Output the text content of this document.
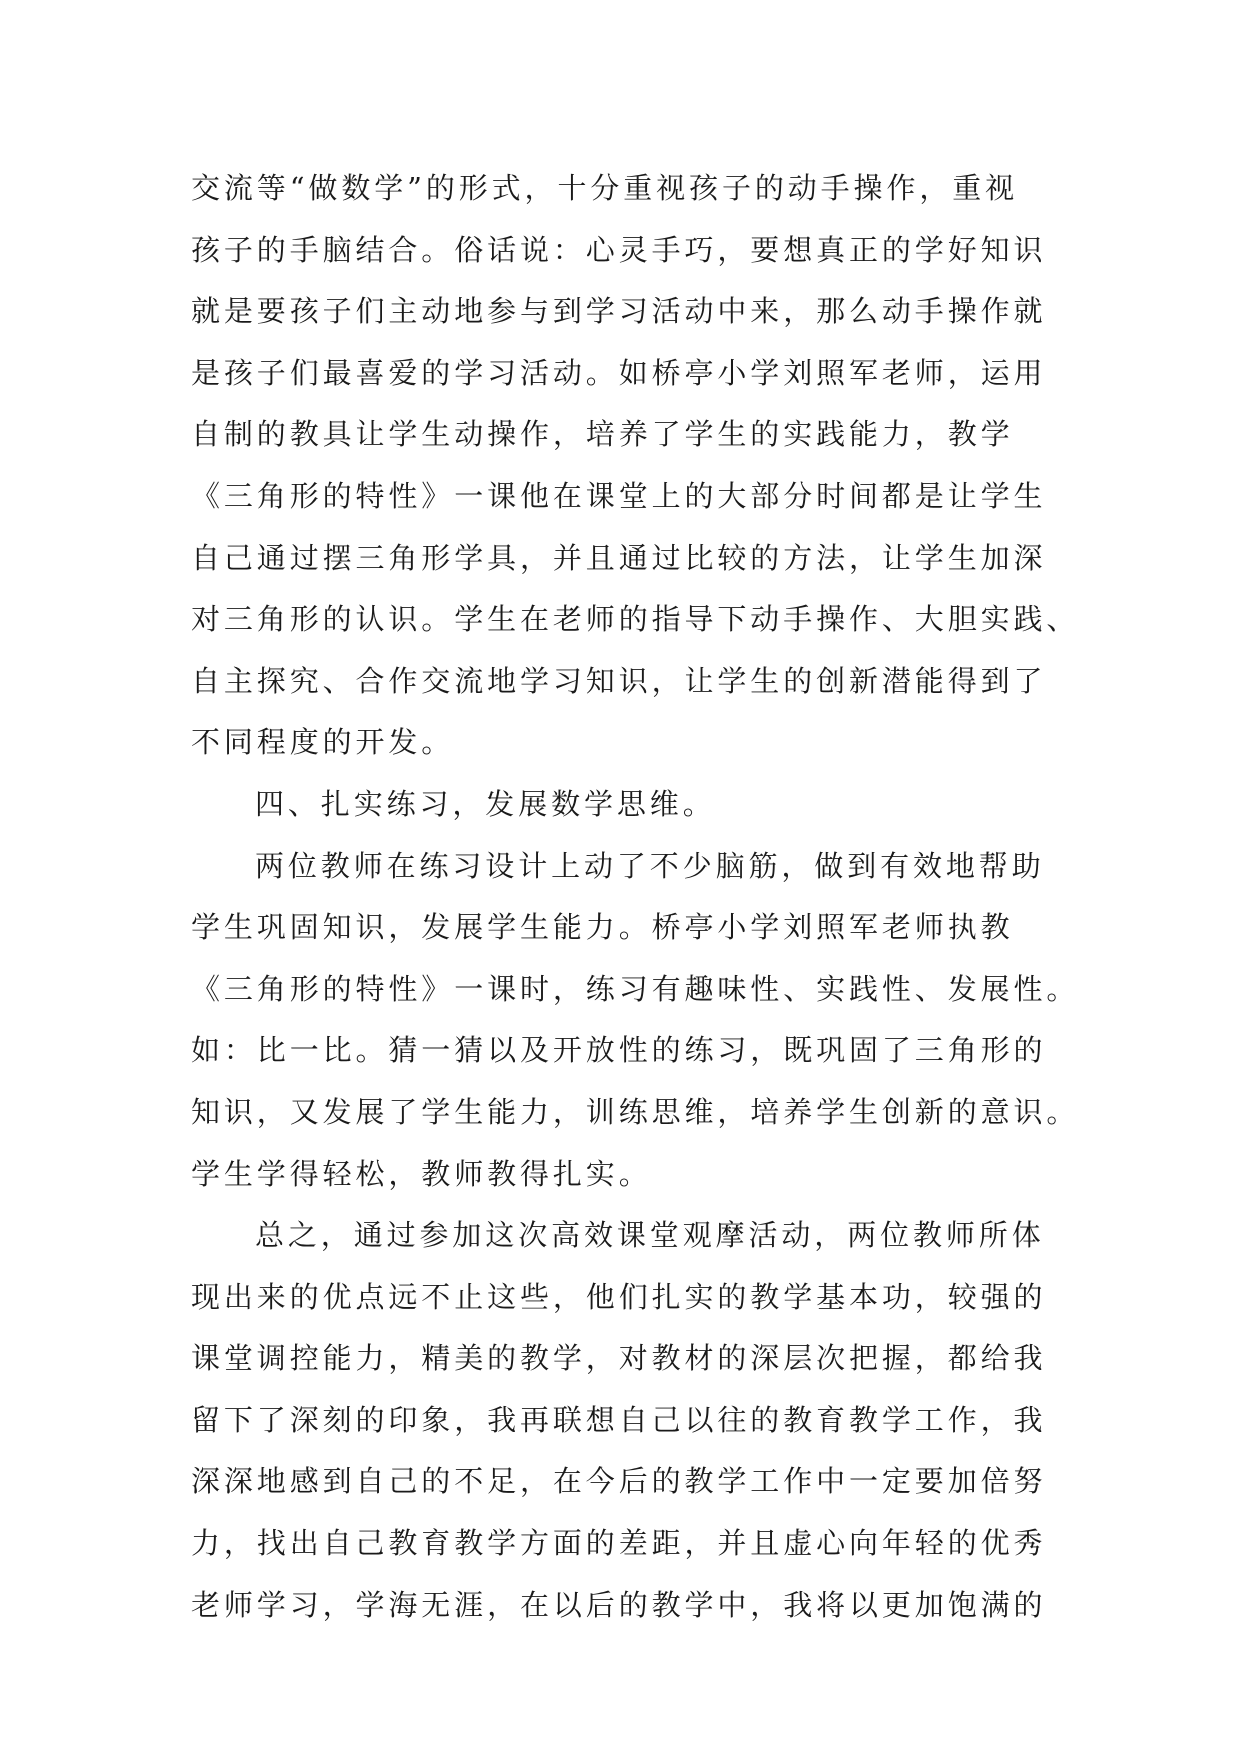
交流等“做数学”的形式，十分重视孩子的动手操作，重视
孩子的手脑结合。俗话说：心灵手巧，要想真正的学好知识
就是要孩子们主动地参与到学习活动中来，那么动手操作就
是孩子们最喜爱的学习活动。如桥亭小学刘照军老师，运用
自制的教具让学生动操作，培养了学生的实践能力，教学
《三角形的特性》一课他在课堂上的大部分时间都是让学生
自己通过摆三角形学具，并且通过比较的方法，让学生加深
对三角形的认识。学生在老师的指导下动手操作、大胆实践、
自主探究、合作交流地学习知识，让学生的创新潜能得到了
不同程度的开发。
四、扎实练习，发展数学思维。
两位教师在练习设计上动了不少脑筋，做到有效地帮助
学生巩固知识，发展学生能力。桥亭小学刘照军老师执教
《三角形的特性》一课时，练习有趣味性、实践性、发展性。
如：比一比。猜一猜以及开放性的练习，既巩固了三角形的
知识，又发展了学生能力，训练思维，培养学生创新的意识。
学生学得轻松，教师教得扎实。
总之，通过参加这次高效课堂观摩活动，两位教师所体
现出来的优点远不止这些，他们扎实的教学基本功，较强的
课堂调控能力，精美的教学，对教材的深层次把握，都给我
留下了深刻的印象，我再联想自己以往的教育教学工作，我
深深地感到自己的不足，在今后的教学工作中一定要加倍努
力，找出自己教育教学方面的差距，并且虚心向年轻的优秀
老师学习，学海无涯，在以后的教学中，我将以更加饱满的
